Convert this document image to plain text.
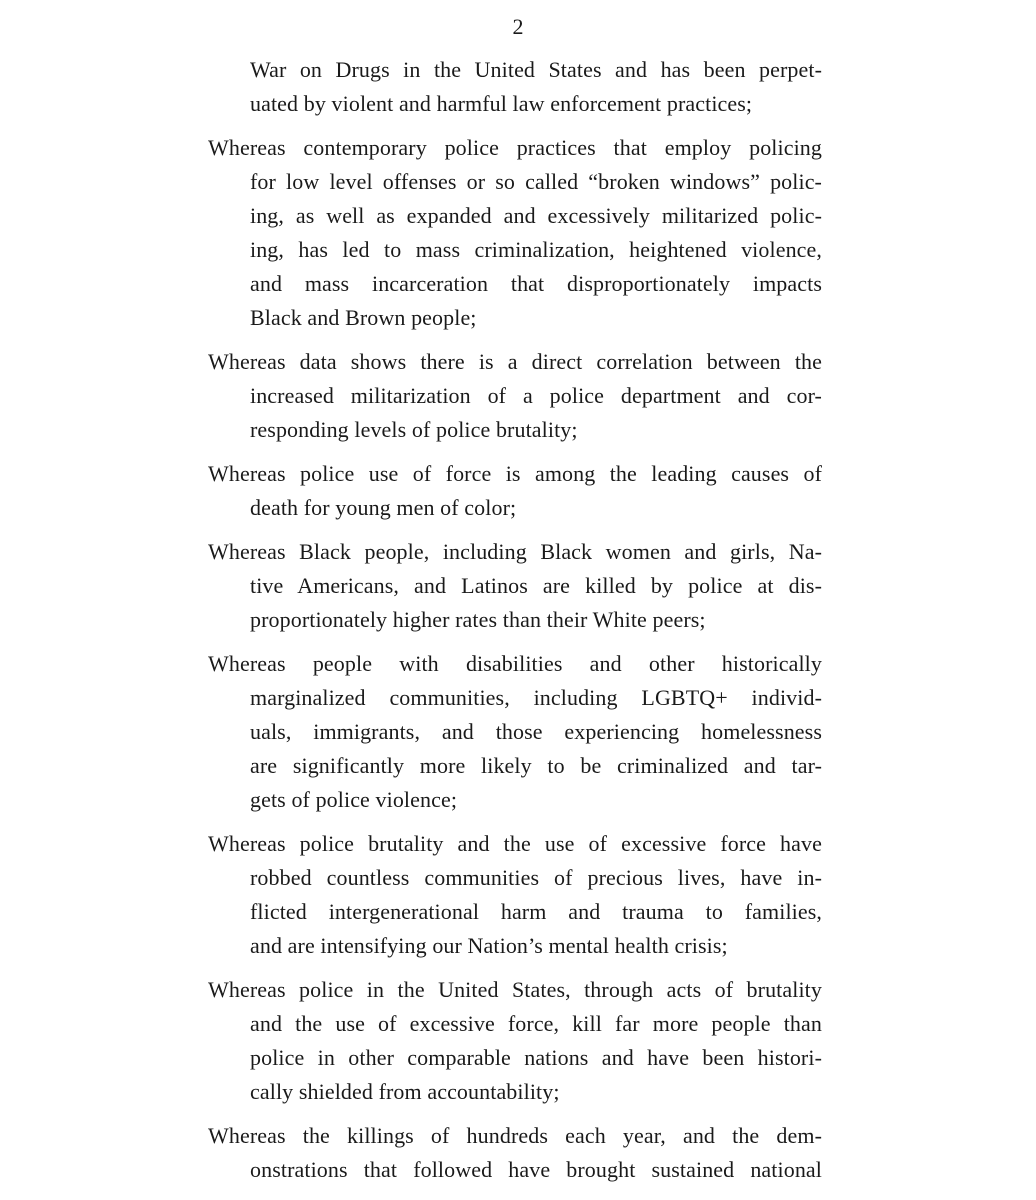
2
War on Drugs in the United States and has been perpet-
uated by violent and harmful law enforcement practices;
Whereas contemporary police practices that employ policing
for low level offenses or so called “broken windows” polic-
ing, as well as expanded and excessively militarized polic-
ing, has led to mass criminalization, heightened violence,
and mass incarceration that disproportionately impacts
Black and Brown people;
Whereas data shows there is a direct correlation between the
increased militarization of a police department and cor-
responding levels of police brutality;
Whereas police use of force is among the leading causes of
death for young men of color;
Whereas Black people, including Black women and girls, Na-
tive Americans, and Latinos are killed by police at dis-
proportionately higher rates than their White peers;
Whereas people with disabilities and other historically
marginalized communities, including LGBTQ+ individ-
uals, immigrants, and those experiencing homelessness
are significantly more likely to be criminalized and tar-
gets of police violence;
Whereas police brutality and the use of excessive force have
robbed countless communities of precious lives, have in-
flicted intergenerational harm and trauma to families,
and are intensifying our Nation’s mental health crisis;
Whereas police in the United States, through acts of brutality
and the use of excessive force, kill far more people than
police in other comparable nations and have been histori-
cally shielded from accountability;
Whereas the killings of hundreds each year, and the dem-
onstrations that followed have brought sustained national
